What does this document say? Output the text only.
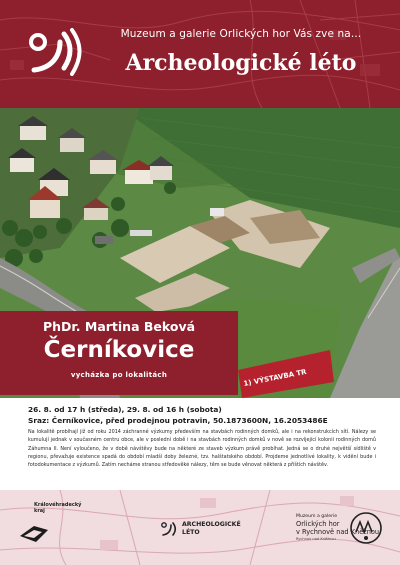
Muzeum a galerie Orlických hor Vás zve na…
Archeologické léto
1) VÝSTAVBA TR
PhDr. Martina Beková
Černíkovice
vycházka po lokalitách
26. 8. od 17 h (středa), 29. 8. od 16 h (sobota)
Sraz: Černíkovice, před prodejnou potravin, 50.1873600N, 16.2053486E
Na lokalitě probíhají již od roku 2014 záchranné výzkumy především na stavbách rodinných domků, ale i na rekonstrukcích sítí. Nálezy se kumulují jednak v současném centru obce, ale v poslední době i na stavbách rodinných domků v nově se rozvíjející kolonii rodinných domů Záhumna II. Není vyloučeno, že v době návštěvy bude na některé ze staveb výzkum právě probíhat. Jedná se o druhé největší sídliště v regionu, převažuje existence spadá do období mladší doby železné, tzv. halštatského období. Projdeme jednotlivé lokality, k vidění bude i fotodokumentace z výzkumů. Zatím necháme stranou středověké nálezy, těm se bude věnovat některá z příštích návštěv.
Královéhradecký
kraj
ARCHEOLOGICKÉ
LÉTO
Muzeum a galerie
Orlických hor
v Rychnově nad Kněžnou
Rychnov nad Kněžnou
